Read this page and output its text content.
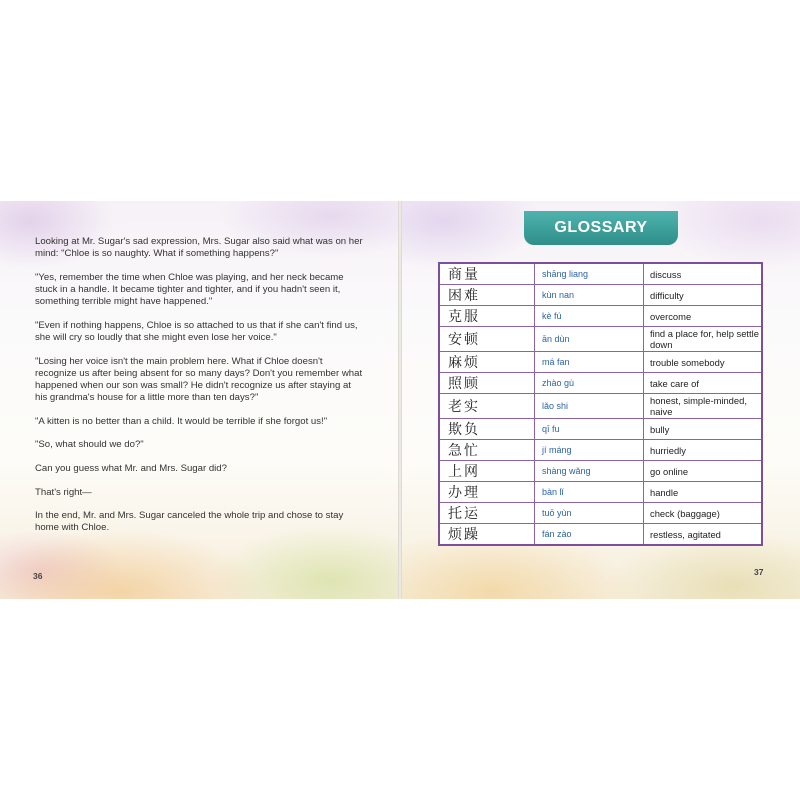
Looking at Mr. Sugar's sad expression, Mrs. Sugar also said what was on her mind: "Chloe is so naughty. What if something happens?"

"Yes, remember the time when Chloe was playing, and her neck became stuck in a handle. It became tighter and tighter, and if you hadn't seen it, something terrible might have happened."

"Even if nothing happens, Chloe is so attached to us that if she can't find us, she will cry so loudly that she might even lose her voice."

"Losing her voice isn't the main problem here. What if Chloe doesn't recognize us after being absent for so many days? Don't you remember what happened when our son was small? He didn't recognize us after staying at his grandma's house for a little more than ten days?"

"A kitten is no better than a child. It would be terrible if she forgot us!"

"So, what should we do?"

Can you guess what Mr. and Mrs. Sugar did?

That's right—

In the end, Mr. and Mrs. Sugar canceled the whole trip and chose to stay home with Chloe.

36
GLOSSARY
商量	shāng liang	discuss
困难	kùn nan	difficulty
克服	kè fú	overcome
安顿	ān dùn	find a place for, help settle down
麻烦	má fan	trouble somebody
照顾	zhào gù	take care of
老实	lǎo shi	honest, simple-minded, naive
欺负	qī fu	bully
急忙	jí máng	hurriedly
上网	shàng wǎng	go online
办理	bàn lǐ	handle
托运	tuō yùn	check (baggage)
烦躁	fán zào	restless, agitated
37
